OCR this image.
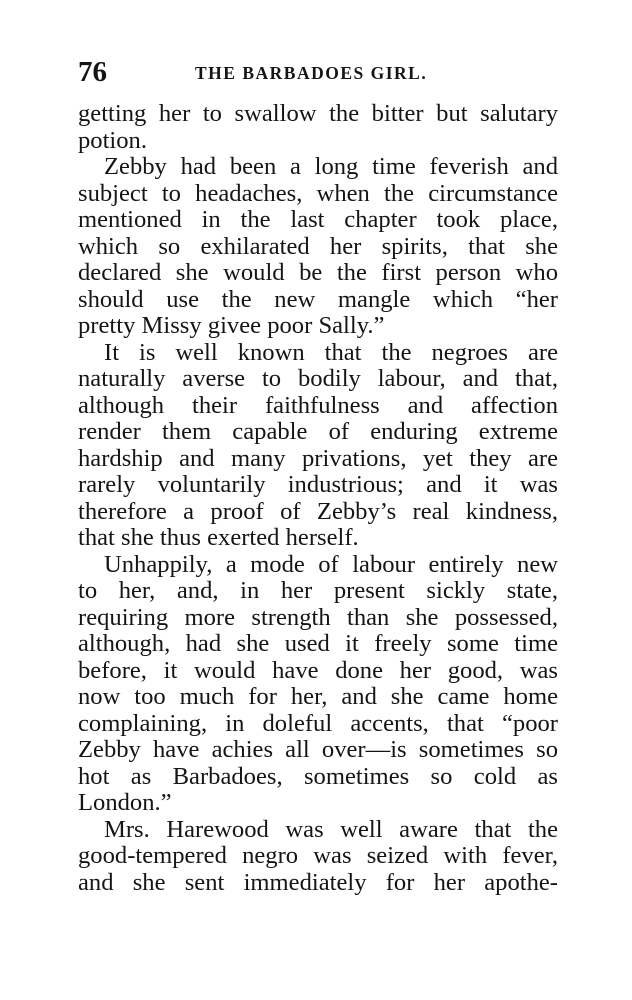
76	THE BARBADOES GIRL.
getting her to swallow the bitter but salutary
potion.
Zebby had been a long time feverish and
subject to headaches, when the circumstance
mentioned in the last chapter took place,
which so exhilarated her spirits, that she
declared she would be the first person who
should use the new mangle which “her
pretty Missy givee poor Sally.”
It is well known that the negroes are
naturally averse to bodily labour, and that,
although their faithfulness and affection
render them capable of enduring extreme
hardship and many privations, yet they are
rarely voluntarily industrious; and it was
therefore a proof of Zebby’s real kindness,
that she thus exerted herself.
Unhappily, a mode of labour entirely new
to her, and, in her present sickly state,
requiring more strength than she possessed,
although, had she used it freely some time
before, it would have done her good, was
now too much for her, and she came home
complaining, in doleful accents, that “poor
Zebby have achies all over—is sometimes so
hot as Barbadoes, sometimes so cold as
London.”
Mrs. Harewood was well aware that the
good-tempered negro was seized with fever,
and she sent immediately for her apothe-
